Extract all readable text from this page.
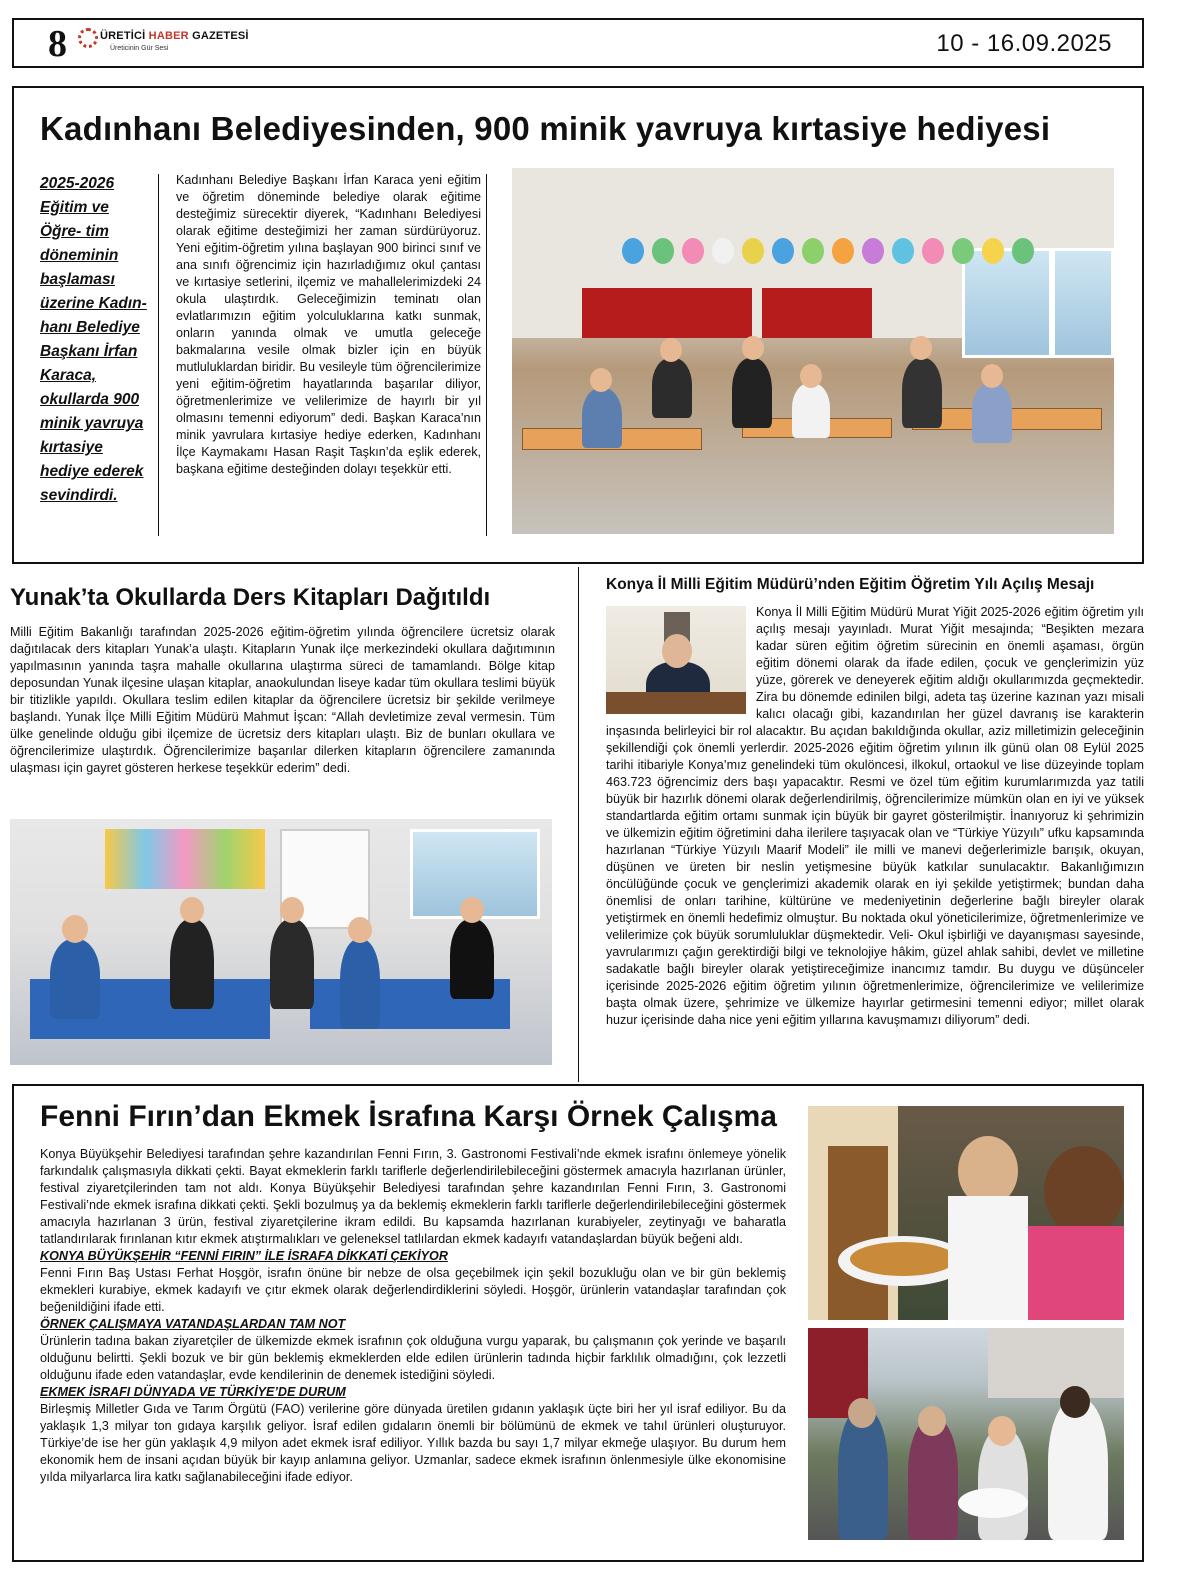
8	ÜRETİCİ HABER GAZETESİ
Üreticinin Gür Sesi	10 - 16.09.2025
Kadınhanı Belediyesinden, 900 minik yavruya kırtasiye hediyesi
2025-2026 Eğitim ve Öğre- tim döneminin başlaması üzerine Kadın- hanı Belediye Başkanı İrfan Karaca, okullarda 900 minik yavruya kırtasiye hediye ederek sevindirdi.
Kadınhanı Belediye Başkanı İrfan Karaca yeni eğitim ve öğretim döneminde belediye olarak eğitime desteğimiz sürecektir diyerek, “Kadınhanı Belediyesi olarak eğitime desteğimizi her zaman sürdürüyoruz. Yeni eğitim-öğretim yılına başlayan 900 birinci sınıf ve ana sınıfı öğrencimiz için hazırladığımız okul çantası ve kırtasiye setlerini, ilçemiz ve mahallelerimizdeki 24 okula ulaştırdık. Geleceğimizin teminatı olan evlatlarımızın eğitim yolculuklarına katkı sunmak, onların yanında olmak ve umutla geleceğe bakmalarına vesile olmak bizler için en büyük mutluluklardan biridir. Bu vesileyle tüm öğrencilerimize yeni eğitim-öğretim hayatlarında başarılar diliyor, öğretmenlerimize ve velilerimize de hayırlı bir yıl olmasını temenni ediyorum” dedi. Başkan Karaca’nın minik yavrulara kırtasiye hediye ederken, Kadınhanı İlçe Kaymakamı Hasan Raşit Taşkın’da eşlik ederek, başkana eğitime desteğinden dolayı teşekkür etti.
Yunak’ta Okullarda Ders Kitapları Dağıtıldı
Milli Eğitim Bakanlığı tarafından 2025-2026 eğitim-öğretim yılında öğrencilere ücretsiz olarak dağıtılacak ders kitapları Yunak’a ulaştı. Kitapların Yunak ilçe merkezindeki okullara dağıtımının yapılmasının yanında taşra mahalle okullarına ulaştırma süreci de tamamlandı. Bölge kitap deposundan Yunak ilçesine ulaşan kitaplar, anaokulundan liseye kadar tüm okullara teslimi büyük bir titizlikle yapıldı. Okullara teslim edilen kitaplar da öğrencilere ücretsiz bir şekilde verilmeye başlandı. Yunak İlçe Milli Eğitim Müdürü Mahmut İşcan: “Allah devletimize zeval vermesin. Tüm ülke genelinde olduğu gibi ilçemize de ücretsiz ders kitapları ulaştı. Biz de bunları okullara ve öğrencilerimize ulaştırdık. Öğrencilerimize başarılar dilerken kitapların öğrencilere zamanında ulaşması için gayret gösteren herkese teşekkür ederim” dedi.
Konya İl Milli Eğitim Müdürü’nden Eğitim Öğretim Yılı Açılış Mesajı
Konya İl Milli Eğitim Müdürü Murat Yiğit 2025-2026 eğitim öğretim yılı açılış mesajı yayınladı. Murat Yiğit mesajında; “Beşikten mezara kadar süren eğitim öğretim sürecinin en önemli aşaması, örgün eğitim dönemi olarak da ifade edilen, çocuk ve gençlerimizin yüz yüze, görerek ve deneyerek eğitim aldığı okullarımızda geçmektedir. Zira bu dönemde edinilen bilgi, adeta taş üzerine kazınan yazı misali kalıcı olacağı gibi, kazandırılan her güzel davranış ise karakterin inşasında belirleyici bir rol alacaktır. Bu açıdan bakıldığında okullar, aziz milletimizin geleceğinin şekillendiği çok önemli yerlerdir. 2025-2026 eğitim öğretim yılının ilk günü olan 08 Eylül 2025 tarihi itibariyle Konya’mız genelindeki tüm okulöncesi, ilkokul, ortaokul ve lise düzeyinde toplam 463.723 öğrencimiz ders başı yapacaktır. Resmi ve özel tüm eğitim kurumlarımızda yaz tatili büyük bir hazırlık dönemi olarak değerlendirilmiş, öğrencilerimize mümkün olan en iyi ve yüksek standartlarda eğitim ortamı sunmak için büyük bir gayret gösterilmiştir. İnanıyoruz ki şehrimizin ve ülkemizin eğitim öğretimini daha ilerilere taşıyacak olan ve “Türkiye Yüzyılı” ufku kapsamında hazırlanan “Türkiye Yüzyılı Maarif Modeli” ile milli ve manevi değerlerimizle barışık, okuyan, düşünen ve üreten bir neslin yetişmesine büyük katkılar sunulacaktır. Bakanlığımızın öncülüğünde çocuk ve gençlerimizi akademik olarak en iyi şekilde yetiştirmek; bundan daha önemlisi de onları tarihine, kültürüne ve medeniyetinin değerlerine bağlı bireyler olarak yetiştirmek en önemli hedefimiz olmuştur. Bu noktada okul yöneticilerimize, öğretmenlerimize ve velilerimize çok büyük sorumluluklar düşmektedir. Veli- Okul işbirliği ve dayanışması sayesinde, yavrularımızı çağın gerektirdiği bilgi ve teknolojiye hâkim, güzel ahlak sahibi, devlet ve milletine sadakatle bağlı bireyler olarak yetiştireceğimize inancımız tamdır. Bu duygu ve düşünceler içerisinde 2025-2026 eğitim öğretim yılının öğretmenlerimize, öğrencilerimize ve velilerimize başta olmak üzere, şehrimize ve ülkemize hayırlar getirmesini temenni ediyor; millet olarak huzur içerisinde daha nice yeni eğitim yıllarına kavuşmamızı diliyorum” dedi.
Fenni Fırın’dan Ekmek İsrafına Karşı Örnek Çalışma
Konya Büyükşehir Belediyesi tarafından şehre kazandırılan Fenni Fırın, 3. Gastronomi Festivali’nde ekmek israfını önlemeye yönelik farkındalık çalışmasıyla dikkati çekti. Bayat ekmeklerin farklı tariflerle değerlendirilebileceğini göstermek amacıyla hazırlanan ürünler, festival ziyaretçilerinden tam not aldı. Konya Büyükşehir Belediyesi tarafından şehre kazandırılan Fenni Fırın, 3. Gastronomi Festivali’nde ekmek israfına dikkati çekti. Şekli bozulmuş ya da beklemiş ekmeklerin farklı tariflerle değerlendirilebileceğini göstermek amacıyla hazırlanan 3 ürün, festival ziyaretçilerine ikram edildi. Bu kapsamda hazırlanan kurabiyeler, zeytinyağı ve baharatla tatlandırılarak fırınlanan kıtır ekmek atıştırmalıkları ve geleneksel tatlılardan ekmek kadayıfı vatandaşlardan büyük beğeni aldı.
KONYA BÜYÜKŞEHİR “FENNİ FIRIN” İLE İSRAFA DİKKATİ ÇEKİYOR
Fenni Fırın Baş Ustası Ferhat Hoşgör, israfın önüne bir nebze de olsa geçebilmek için şekil bozukluğu olan ve bir gün beklemiş ekmekleri kurabiye, ekmek kadayıfı ve çıtır ekmek olarak değerlendirdiklerini söyledi. Hoşgör, ürünlerin vatandaşlar tarafından çok beğenildiğini ifade etti.
ÖRNEK ÇALIŞMAYA VATANDAŞLARDAN TAM NOT
Ürünlerin tadına bakan ziyaretçiler de ülkemizde ekmek israfının çok olduğuna vurgu yaparak, bu çalışmanın çok yerinde ve başarılı olduğunu belirtti. Şekli bozuk ve bir gün beklemiş ekmeklerden elde edilen ürünlerin tadında hiçbir farklılık olmadığını, çok lezzetli olduğunu ifade eden vatandaşlar, evde kendilerinin de denemek istediğini söyledi.
EKMEK İSRAFI DÜNYADA VE TÜRKİYE’DE DURUM
Birleşmiş Milletler Gıda ve Tarım Örgütü (FAO) verilerine göre dünyada üretilen gıdanın yaklaşık üçte biri her yıl israf ediliyor. Bu da yaklaşık 1,3 milyar ton gıdaya karşılık geliyor. İsraf edilen gıdaların önemli bir bölümünü de ekmek ve tahıl ürünleri oluşturuyor. Türkiye’de ise her gün yaklaşık 4,9 milyon adet ekmek israf ediliyor. Yıllık bazda bu sayı 1,7 milyar ekmeğe ulaşıyor. Bu durum hem ekonomik hem de insani açıdan büyük bir kayıp anlamına geliyor. Uzmanlar, sadece ekmek israfının önlenmesiyle ülke ekonomisine yılda milyarlarca lira katkı sağlanabileceğini ifade ediyor.
